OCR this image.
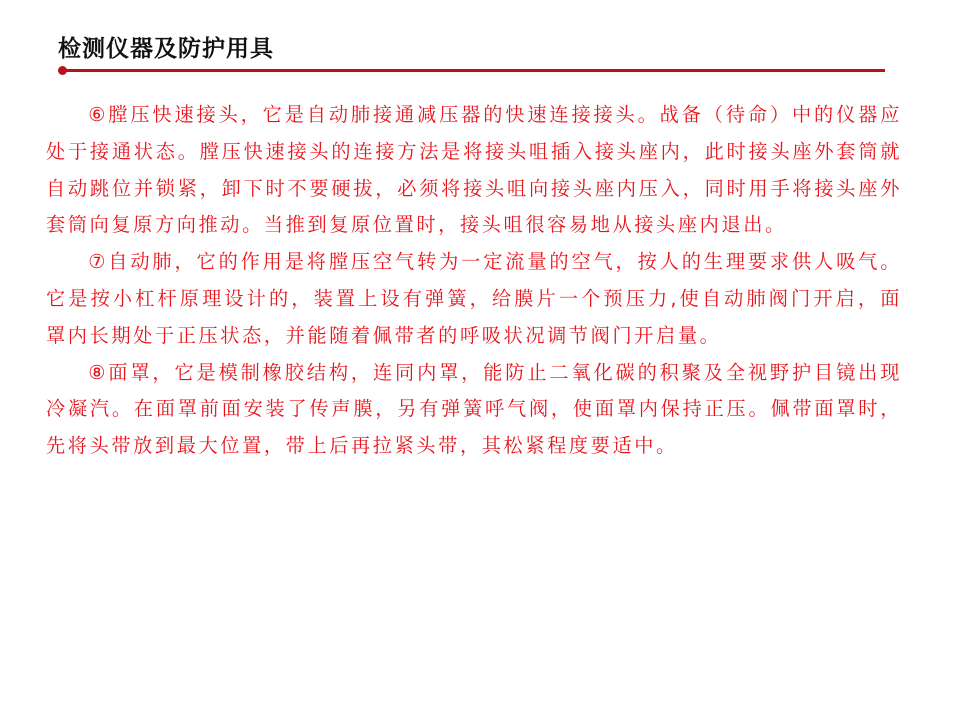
检测仪器及防护用具

⑥膛压快速接头，它是自动肺接通减压器的快速连接接头。战备（待命）中的仪器应处于接通状态。膛压快速接头的连接方法是将接头咀插入接头座内，此时接头座外套筒就自动跳位并锁紧，卸下时不要硬拔，必须将接头咀向接头座内压入，同时用手将接头座外套筒向复原方向推动。当推到复原位置时，接头咀很容易地从接头座内退出。

⑦自动肺，它的作用是将膛压空气转为一定流量的空气，按人的生理要求供人吸气。它是按小杠杆原理设计的，装置上设有弹簧，给膜片一个预压力,使自动肺阀门开启，面罩内长期处于正压状态，并能随着佩带者的呼吸状况调节阀门开启量。

⑧面罩，它是模制橡胶结构，连同内罩，能防止二氧化碳的积聚及全视野护目镜出现冷凝汽。在面罩前面安装了传声膜，另有弹簧呼气阀，使面罩内保持正压。佩带面罩时，先将头带放到最大位置，带上后再拉紧头带，其松紧程度要适中。
